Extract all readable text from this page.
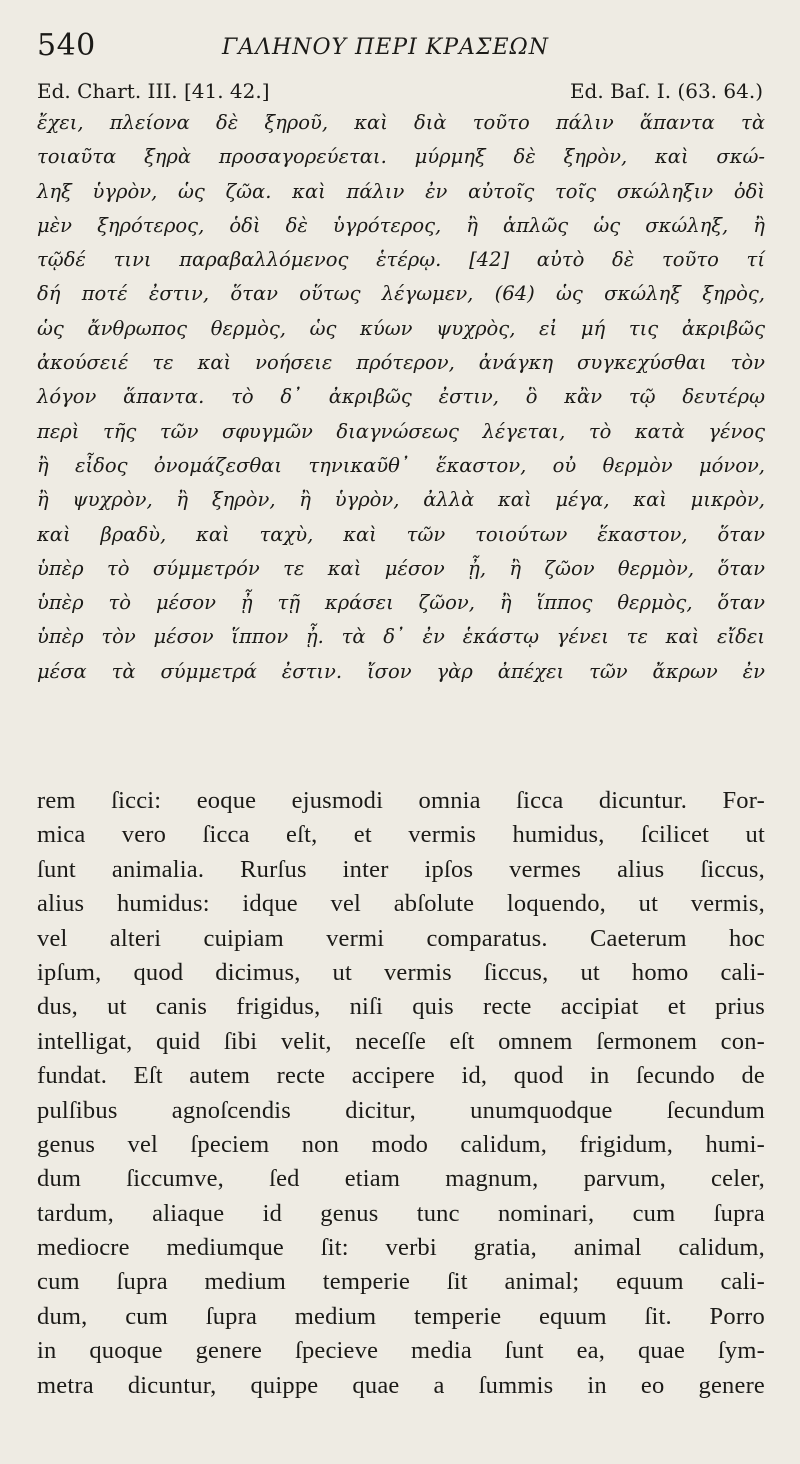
540	ΓΑΛΗΝΟΥ ΠΕΡΙ ΚΡΑΣΕΩΝ
Ed. Chart. III. [41. 42.]	Ed. Baſ. I. (63. 64.)
ἔχει, πλείονα δὲ ξηροῦ, καὶ διὰ τοῦτο πάλιν ἅπαντα τὰ
τοιαῦτα ξηρὰ προσαγορεύεται. μύρμηξ δὲ ξηρὸν, καὶ σκώ-
ληξ ὑγρὸν, ὡς ζῶα. καὶ πάλιν ἐν αὐτοῖς τοῖς σκώληξιν ὁδὶ
μὲν ξηρότερος, ὁδὶ δὲ ὑγρότερος, ἢ ἁπλῶς ὡς σκώληξ, ἢ
τῷδέ τινι παραβαλλόμενος ἑτέρῳ. [42] αὐτὸ δὲ τοῦτο τί
δή ποτέ ἐστιν, ὅταν οὕτως λέγωμεν, (64) ὡς σκώληξ ξηρὸς,
ὡς ἄνθρωπος θερμὸς, ὡς κύων ψυχρὸς, εἰ μή τις ἀκριβῶς
ἀκούσειέ τε καὶ νοήσειε πρότερον, ἀνάγκη συγκεχύσθαι τὸν
λόγον ἅπαντα. τὸ δ᾽ ἀκριβῶς ἐστιν, ὃ κἂν τῷ δευτέρῳ
περὶ τῆς τῶν σφυγμῶν διαγνώσεως λέγεται, τὸ κατὰ γένος
ἢ εἶδος ὀνομάζεσθαι τηνικαῦθ᾽ ἕκαστον, οὐ θερμὸν μόνον,
ἢ ψυχρὸν, ἢ ξηρὸν, ἢ ὑγρὸν, ἀλλὰ καὶ μέγα, καὶ μικρὸν,
καὶ βραδὺ, καὶ ταχὺ, καὶ τῶν τοιούτων ἕκαστον, ὅταν
ὑπὲρ τὸ σύμμετρόν τε καὶ μέσον ᾖ, ἢ ζῶον θερμὸν, ὅταν
ὑπὲρ τὸ μέσον ᾖ τῇ κράσει ζῶον, ἢ ἵππος θερμὸς, ὅταν
ὑπὲρ τὸν μέσον ἵππον ᾖ. τὰ δ᾽ ἐν ἑκάστῳ γένει τε καὶ εἴδει
μέσα τὰ σύμμετρά ἐστιν. ἴσον γὰρ ἀπέχει τῶν ἄκρων ἐν
rem ſicci: eoque ejusmodi omnia ſicca dicuntur. For-
mica vero ſicca eſt, et vermis humidus, ſcilicet ut
ſunt animalia. Rurſus inter ipſos vermes alius ſiccus,
alius humidus: idque vel abſolute loquendo, ut vermis,
vel alteri cuipiam vermi comparatus. Caeterum hoc
ipſum, quod dicimus, ut vermis ſiccus, ut homo cali-
dus, ut canis frigidus, niſi quis recte accipiat et prius
intelligat, quid ſibi velit, neceſſe eſt omnem ſermonem con-
fundat. Eſt autem recte accipere id, quod in ſecundo de
pulſibus agnoſcendis dicitur, unumquodque ſecundum
genus vel ſpeciem non modo calidum, frigidum, humi-
dum ſiccumve, ſed etiam magnum, parvum, celer,
tardum, aliaque id genus tunc nominari, cum ſupra
mediocre mediumque ſit: verbi gratia, animal calidum,
cum ſupra medium temperie ſit animal; equum cali-
dum, cum ſupra medium temperie equum ſit. Porro
in quoque genere ſpecieve media ſunt ea, quae ſym-
metra dicuntur, quippe quae a ſummis in eo genere
